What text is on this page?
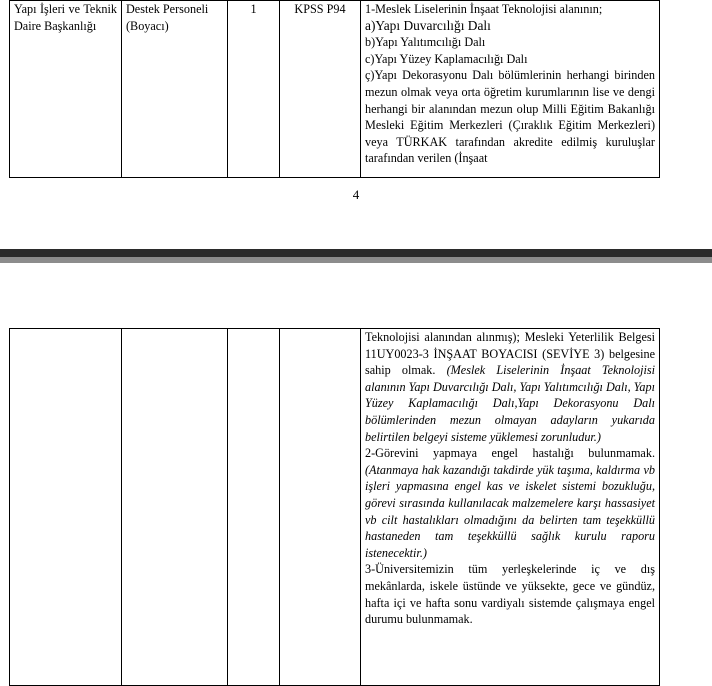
Yapı İşleri ve Teknik Daire Başkanlığı	Destek Personeli (Boyacı)	1	KPSS P94	1-Meslek Liselerinin İnşaat Teknolojisi alanının;

a)Yapı Duvarcılığı Dalı

b)Yapı Yalıtımcılığı Dalı

c)Yapı Yüzey Kaplamacılığı Dalı

ç)Yapı Dekorasyonu Dalı bölümlerinin herhangi birinden mezun olmak veya orta öğretim kurumlarının lise ve dengi herhangi bir alanından mezun olup Milli Eğitim Bakanlığı Mesleki Eğitim Merkezleri (Çıraklık Eğitim Merkezleri) veya TÜRKAK tarafından akredite edilmiş kuruluşlar tarafından verilen (İnşaat

4

Teknolojisi alanından alınmış); Mesleki Yeterlilik Belgesi 11UY0023-3 İNŞAAT BOYACISI (SEVİYE 3) belgesine sahip olmak. (Meslek Liselerinin İnşaat Teknolojisi alanının Yapı Duvarcılığı Dalı, Yapı Yalıtımcılığı Dalı, Yapı Yüzey Kaplamacılığı Dalı,Yapı Dekorasyonu Dalı bölümlerinden mezun olmayan adayların yukarıda belirtilen belgeyi sisteme yüklemesi zorunludur.)

2-Görevini yapmaya engel hastalığı bulunmamak. (Atanmaya hak kazandığı takdirde yük taşıma, kaldırma vb işleri yapmasına engel kas ve iskelet sistemi bozukluğu, görevi sırasında kullanılacak malzemelere karşı hassasiyet vb cilt hastalıkları olmadığını da belirten tam teşekküllü hastaneden tam teşekküllü sağlık kurulu raporu istenecektir.)

3-Üniversitemizin tüm yerleşkelerinde iç ve dış mekânlarda, iskele üstünde ve yüksekte, gece ve gündüz, hafta içi ve hafta sonu vardiyalı sistemde çalışmaya engel durumu bulunmamak.
